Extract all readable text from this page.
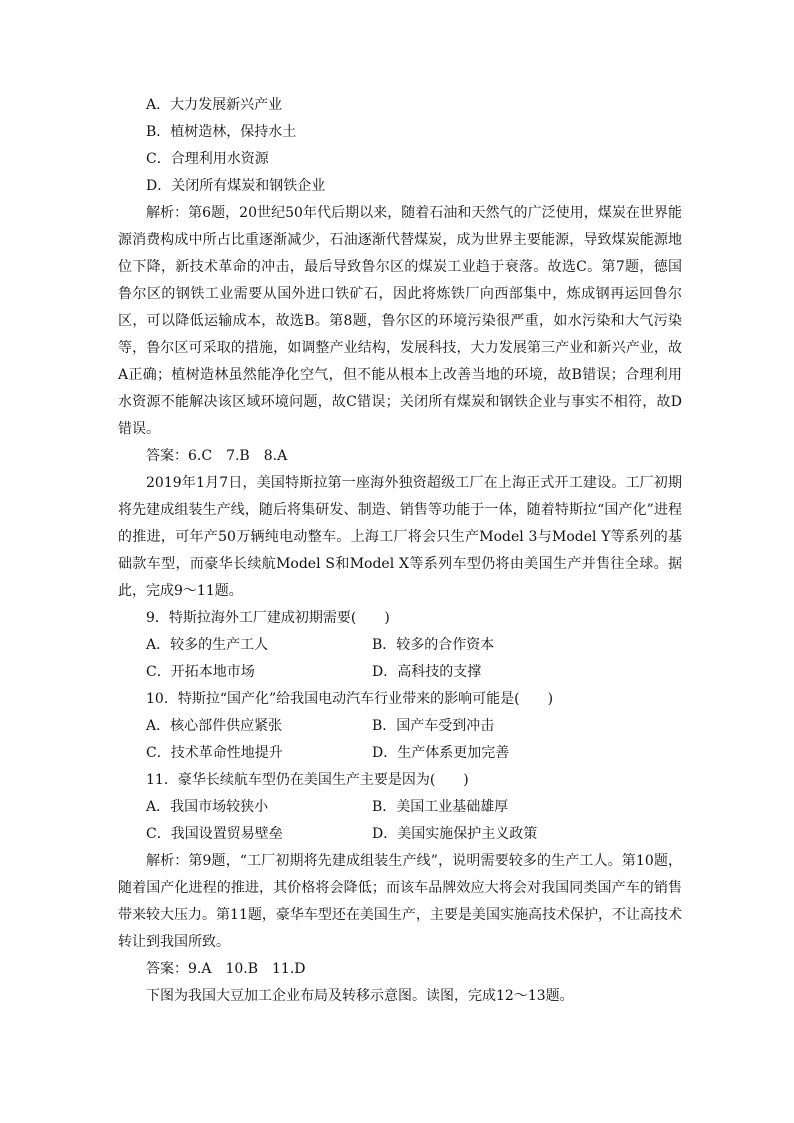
A．大力发展新兴产业
B．植树造林，保持水土
C．合理利用水资源
D．关闭所有煤炭和钢铁企业
解析：第6题，20世纪50年代后期以来，随着石油和天然气的广泛使用，煤炭在世界能源消费构成中所占比重逐渐减少，石油逐渐代替煤炭，成为世界主要能源，导致煤炭能源地位下降，新技术革命的冲击，最后导致鲁尔区的煤炭工业趋于衰落。故选C。第7题，德国鲁尔区的钢铁工业需要从国外进口铁矿石，因此将炼铁厂向西部集中，炼成钢再运回鲁尔区，可以降低运输成本，故选B。第8题，鲁尔区的环境污染很严重，如水污染和大气污染等，鲁尔区可采取的措施，如调整产业结构，发展科技，大力发展第三产业和新兴产业，故A正确；植树造林虽然能净化空气，但不能从根本上改善当地的环境，故B错误；合理利用水资源不能解决该区域环境问题，故C错误；关闭所有煤炭和钢铁企业与事实不相符，故D错误。
答案：6.C　7.B　8.A
2019年1月7日，美国特斯拉第一座海外独资超级工厂在上海正式开工建设。工厂初期将先建成组装生产线，随后将集研发、制造、销售等功能于一体，随着特斯拉“国产化”进程的推进，可年产50万辆纯电动整车。上海工厂将会只生产Model 3与Model Y等系列的基础款车型，而豪华长续航Model S和Model X等系列车型仍将由美国生产并售往全球。据此，完成9～11题。
9．特斯拉海外工厂建成初期需要(　　)
A．较多的生产工人	B．较多的合作资本
C．开拓本地市场	D．高科技的支撑
10．特斯拉“国产化”给我国电动汽车行业带来的影响可能是(　　)
A．核心部件供应紧张	B．国产车受到冲击
C．技术革命性地提升	D．生产体系更加完善
11．豪华长续航车型仍在美国生产主要是因为(　　)
A．我国市场较狭小	B．美国工业基础雄厚
C．我国设置贸易壁垒	D．美国实施保护主义政策
解析：第9题，“工厂初期将先建成组装生产线”，说明需要较多的生产工人。第10题，随着国产化进程的推进，其价格将会降低；而该车品牌效应大将会对我国同类国产车的销售带来较大压力。第11题，豪华车型还在美国生产，主要是美国实施高技术保护，不让高技术转让到我国所致。
答案：9.A　10.B　11.D
下图为我国大豆加工企业布局及转移示意图。读图，完成12～13题。
